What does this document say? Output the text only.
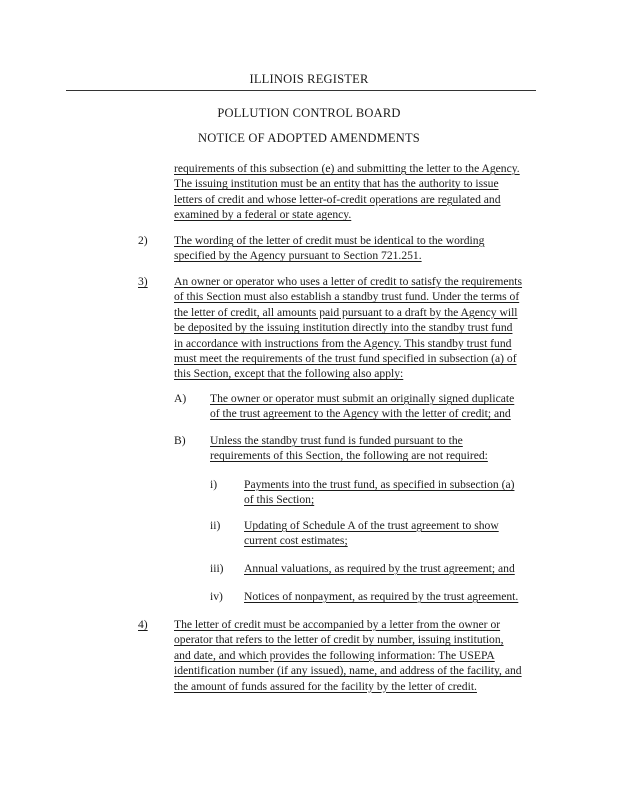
ILLINOIS REGISTER
POLLUTION CONTROL BOARD
NOTICE OF ADOPTED AMENDMENTS
requirements of this subsection (e) and submitting the letter to the Agency.
The issuing institution must be an entity that has the authority to issue
letters of credit and whose letter-of-credit operations are regulated and
examined by a federal or state agency.
2) The wording of the letter of credit must be identical to the wording
specified by the Agency pursuant to Section 721.251.
3) An owner or operator who uses a letter of credit to satisfy the requirements
of this Section must also establish a standby trust fund. Under the terms of
the letter of credit, all amounts paid pursuant to a draft by the Agency will
be deposited by the issuing institution directly into the standby trust fund
in accordance with instructions from the Agency. This standby trust fund
must meet the requirements of the trust fund specified in subsection (a) of
this Section, except that the following also apply:
A) The owner or operator must submit an originally signed duplicate
of the trust agreement to the Agency with the letter of credit; and
B) Unless the standby trust fund is funded pursuant to the
requirements of this Section, the following are not required:
i) Payments into the trust fund, as specified in subsection (a)
of this Section;
ii) Updating of Schedule A of the trust agreement to show
current cost estimates;
iii) Annual valuations, as required by the trust agreement; and
iv) Notices of nonpayment, as required by the trust agreement.
4) The letter of credit must be accompanied by a letter from the owner or
operator that refers to the letter of credit by number, issuing institution,
and date, and which provides the following information: The USEPA
identification number (if any issued), name, and address of the facility, and
the amount of funds assured for the facility by the letter of credit.
